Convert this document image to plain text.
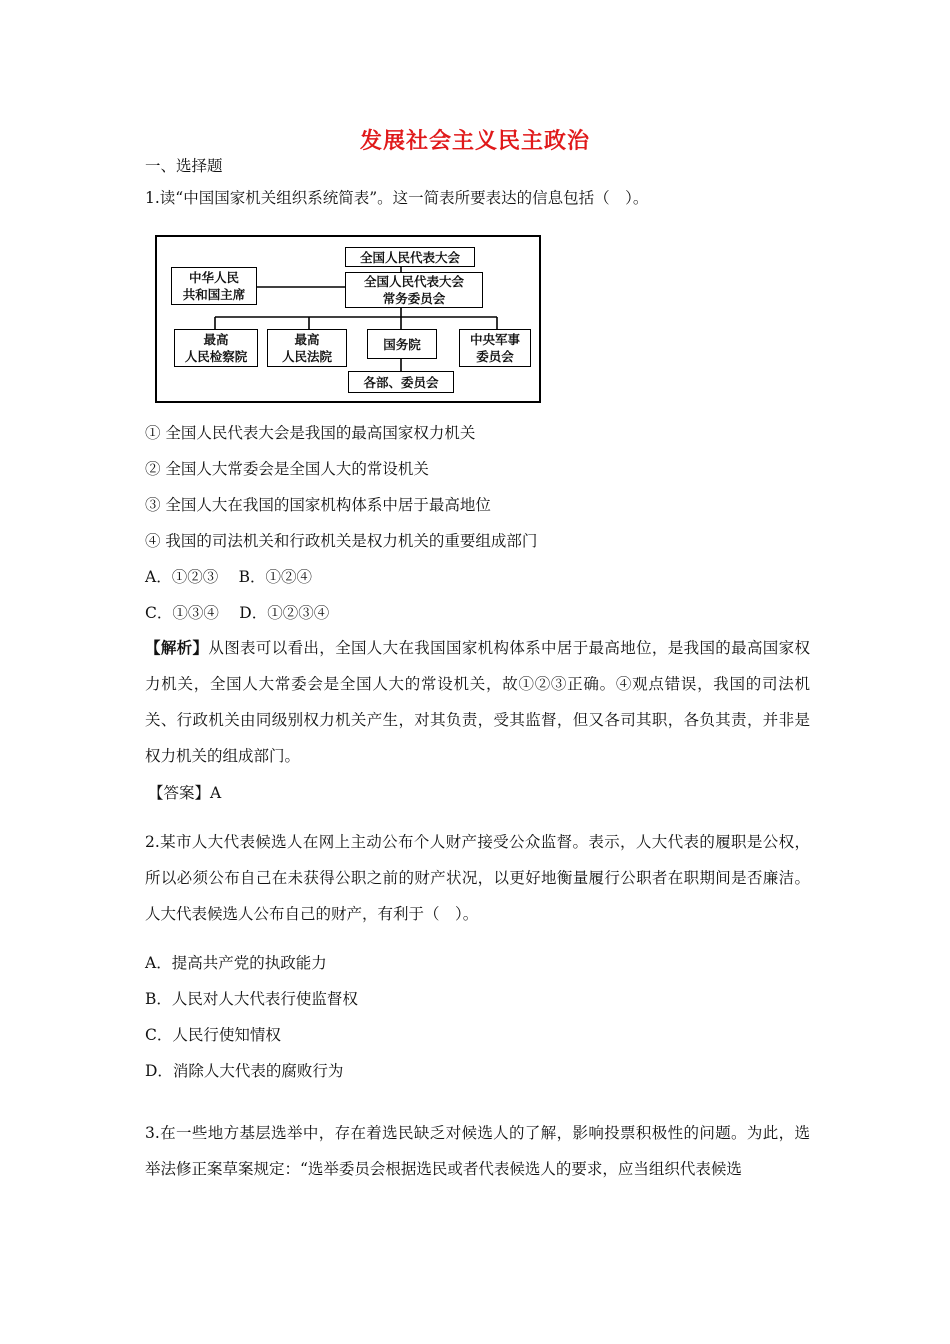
发展社会主义民主政治
一、选择题
1.读“中国国家机关组织系统简表”。这一简表所要表达的信息包括（　）。
全国人民代表大会
中华人民
共和国主席
全国人民代表大会
常务委员会
最高
人民检察院
最高
人民法院
国务院	中央军事
委员会
各部、委员会
① 全国人民代表大会是我国的最高国家权力机关
② 全国人大常委会是全国人大的常设机关
③ 全国人大在我国的国家机构体系中居于最高地位
④ 我国的司法机关和行政机关是权力机关的重要组成部门
A．①②③　 B．①②④
C．①③④　 D．①②③④
【解析】从图表可以看出，全国人大在我国国家机构体系中居于最高地位，是我国的最高国家权力机关，全国人大常委会是全国人大的常设机关，故①②③正确。④观点错误，我国的司法机关、行政机关由同级别权力机关产生，对其负责，受其监督，但又各司其职，各负其责，并非是权力机关的组成部门。
【答案】A
2.某市人大代表候选人在网上主动公布个人财产接受公众监督。表示，人大代表的履职是公权，所以必须公布自己在未获得公职之前的财产状况，以更好地衡量履行公职者在职期间是否廉洁。人大代表候选人公布自己的财产，有利于（　）。
A．提高共产党的执政能力
B．人民对人大代表行使监督权
C．人民行使知情权
D．消除人大代表的腐败行为
3.在一些地方基层选举中，存在着选民缺乏对候选人的了解，影响投票积极性的问题。为此，选举法修正案草案规定：“选举委员会根据选民或者代表候选人的要求，应当组织代表候选
